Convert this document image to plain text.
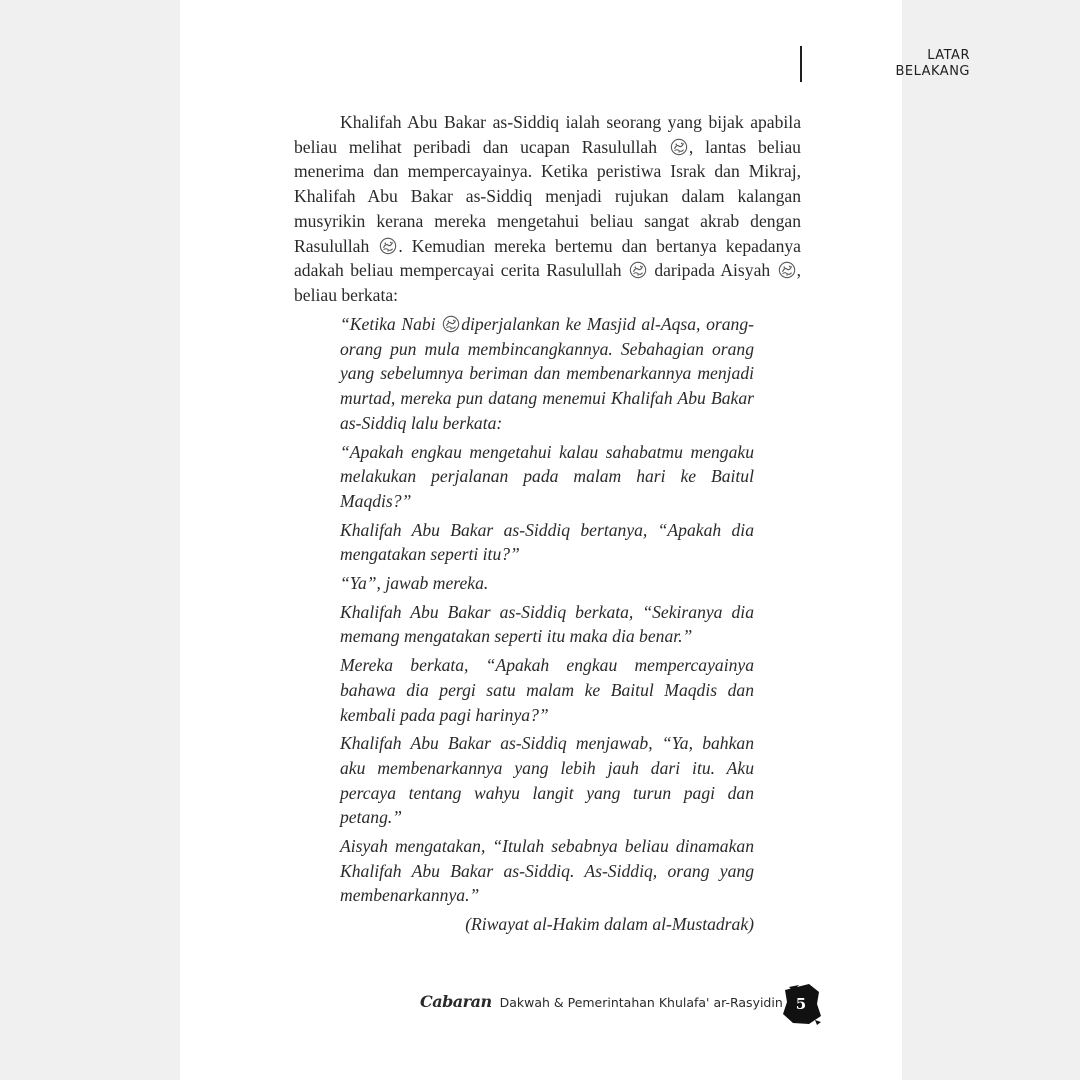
LATAR
BELAKANG

Khalifah Abu Bakar as-Siddiq ialah seorang yang bijak apabila beliau melihat peribadi dan ucapan Rasulullah , lantas beliau menerima dan mempercayainya. Ketika peristiwa Israk dan Mikraj, Khalifah Abu Bakar as-Siddiq menjadi rujukan dalam kalangan musyrikin kerana mereka mengetahui beliau sangat akrab dengan Rasulullah . Kemudian mereka bertemu dan bertanya kepadanya adakah beliau mempercayai cerita Rasulullah  daripada Aisyah , beliau berkata:

“Ketika Nabi diperjalankan ke Masjid al-Aqsa, orang-orang pun mula membincangkannya. Sebahagian orang yang sebelumnya beriman dan membenarkannya menjadi murtad, mereka pun datang menemui Khalifah Abu Bakar as-Siddiq lalu berkata:

“Apakah engkau mengetahui kalau sahabatmu mengaku melakukan perjalanan pada malam hari ke Baitul Maqdis?”

Khalifah Abu Bakar as-Siddiq bertanya, “Apakah dia mengatakan seperti itu?”

“Ya”, jawab mereka.

Khalifah Abu Bakar as-Siddiq berkata, “Sekiranya dia memang mengatakan seperti itu maka dia benar.”

Mereka berkata, “Apakah engkau mempercayainya bahawa dia pergi satu malam ke Baitul Maqdis dan kembali pada pagi harinya?”

Khalifah Abu Bakar as-Siddiq menjawab, “Ya, bahkan aku membenarkannya yang lebih jauh dari itu. Aku percaya tentang wahyu langit yang turun pagi dan petang.”

Aisyah mengatakan, “Itulah sebabnya beliau dinamakan Khalifah Abu Bakar as-Siddiq. As-Siddiq, orang yang membenarkannya.”

(Riwayat al-Hakim dalam al-Mustadrak)

Cabaran Dakwah & Pemerintahan Khulafa' ar-Rasyidin 5
